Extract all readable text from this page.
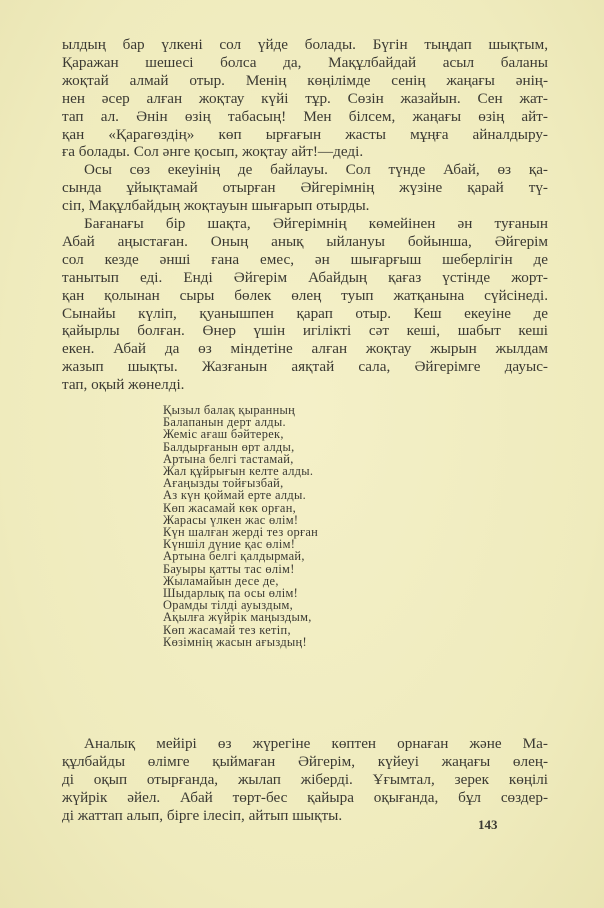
ылдың бар үлкені сол үйде болады. Бүгін тыңдап шықтым,
Қаражан шешесі болса да, Мақұлбайдай асыл баланы
жоқтай алмай отыр. Менің көңілімде сенің жаңағы әнің-
нен әсер алған жоқтау күйі тұр. Сөзін жазайын. Сен жат-
тап ал. Әнін өзің табасың! Мен білсем, жаңағы өзің айт-
қан «Қарагөздің» көп ырғағын жасты мұңға айналдыру-
ға болады. Сол әнге қосып, жоқтау айт!—деді.
Осы сөз екеуінің де байлауы. Сол түнде Абай, өз қа-
сында ұйықтамай отырған Әйгерімнің жүзіне қарай тү-
сіп, Мақұлбайдың жоқтауын шығарып отырды.
Бағанағы бір шақта, Әйгерімнің көмейінен ән туғанын
Абай аңыстаған. Оның анық ыйлануы бойынша, Әйгерім
сол кезде әнші ғана емес, ән шығарғыш шеберлігін де
танытып еді. Енді Әйгерім Абайдың қағаз үстінде жорт-
қан қолынан сыры бөлек өлең туып жатқанына сүйсінеді.
Сынайы күліп, қуанышпен қарап отыр. Кеш екеуіне де
қайырлы болған. Өнер үшін игілікті сәт кеші, шабыт кеші
екен. Абай да өз міндетіне алған жоқтау жырын жылдам
жазып шықты. Жазғанын аяқтай сала, Әйгерімге дауыс-
тап, оқый жөнелді.
Қызыл балақ қыранның
Балапанын дерт алды.
Жеміс ағаш бәйтерек,
Балдырғанын өрт алды,
Артына белгі тастамай,
Жал құйрығын келте алды.
Ағаңызды тойғызбай,
Аз күн қоймай ерте алды.
Көп жасамай көк орған,
Жарасы үлкен жас өлім!
Күн шалған жерді тез орған
Күншіл дүние қас өлім!
Артына белгі қалдырмай,
Бауыры қатты тас өлім!
Жыламайын десе де,
Шыдарлық па осы өлім!
Орамды тілді ауыздым,
Ақылға жүйрік маңыздым,
Көп жасамай тез кетіп,
Көзімнің жасын ағыздың!
Аналық мейірі өз жүрегіне көптен орнаған және Ма-
құлбайды өлімге қыймаған Әйгерім, күйеуі жаңағы өлең-
ді оқып отырғанда, жылап жіберді. Ұғымтал, зерек көңілі
жүйрік әйел. Абай төрт-бес қайыра оқығанда, бұл сөздер-
ді жаттап алып, бірге ілесіп, айтып шықты.
143
